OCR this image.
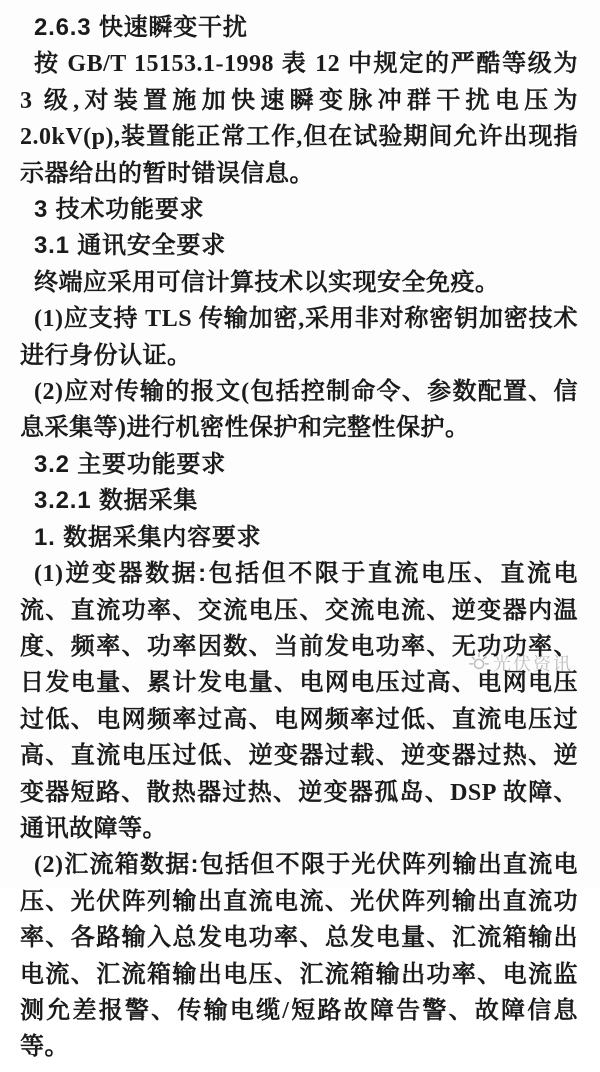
光伏资讯
2.6.3 快速瞬变干扰

按 GB/T 15153.1-1998 表 12 中规定的严酷等级为 3 级,对装置施加快速瞬变脉冲群干扰电压为 2.0kV(p),装置能正常工作,但在试验期间允许出现指示器给出的暂时错误信息。

3 技术功能要求
3.1 通讯安全要求

终端应采用可信计算技术以实现安全免疫。

(1)应支持 TLS 传输加密,采用非对称密钥加密技术进行身份认证。

(2)应对传输的报文(包括控制命令、参数配置、信息采集等)进行机密性保护和完整性保护。

3.2 主要功能要求
3.2.1 数据采集
1. 数据采集内容要求

(1)逆变器数据:包括但不限于直流电压、直流电流、直流功率、交流电压、交流电流、逆变器内温度、频率、功率因数、当前发电功率、无功功率、日发电量、累计发电量、电网电压过高、电网电压过低、电网频率过高、电网频率过低、直流电压过高、直流电压过低、逆变器过载、逆变器过热、逆变器短路、散热器过热、逆变器孤岛、DSP 故障、通讯故障等。

(2)汇流箱数据:包括但不限于光伏阵列输出直流电压、光伏阵列输出直流电流、光伏阵列输出直流功率、各路输入总发电功率、总发电量、汇流箱输出电流、汇流箱输出电压、汇流箱输出功率、电流监测允差报警、传输电缆/短路故障告警、故障信息等。
